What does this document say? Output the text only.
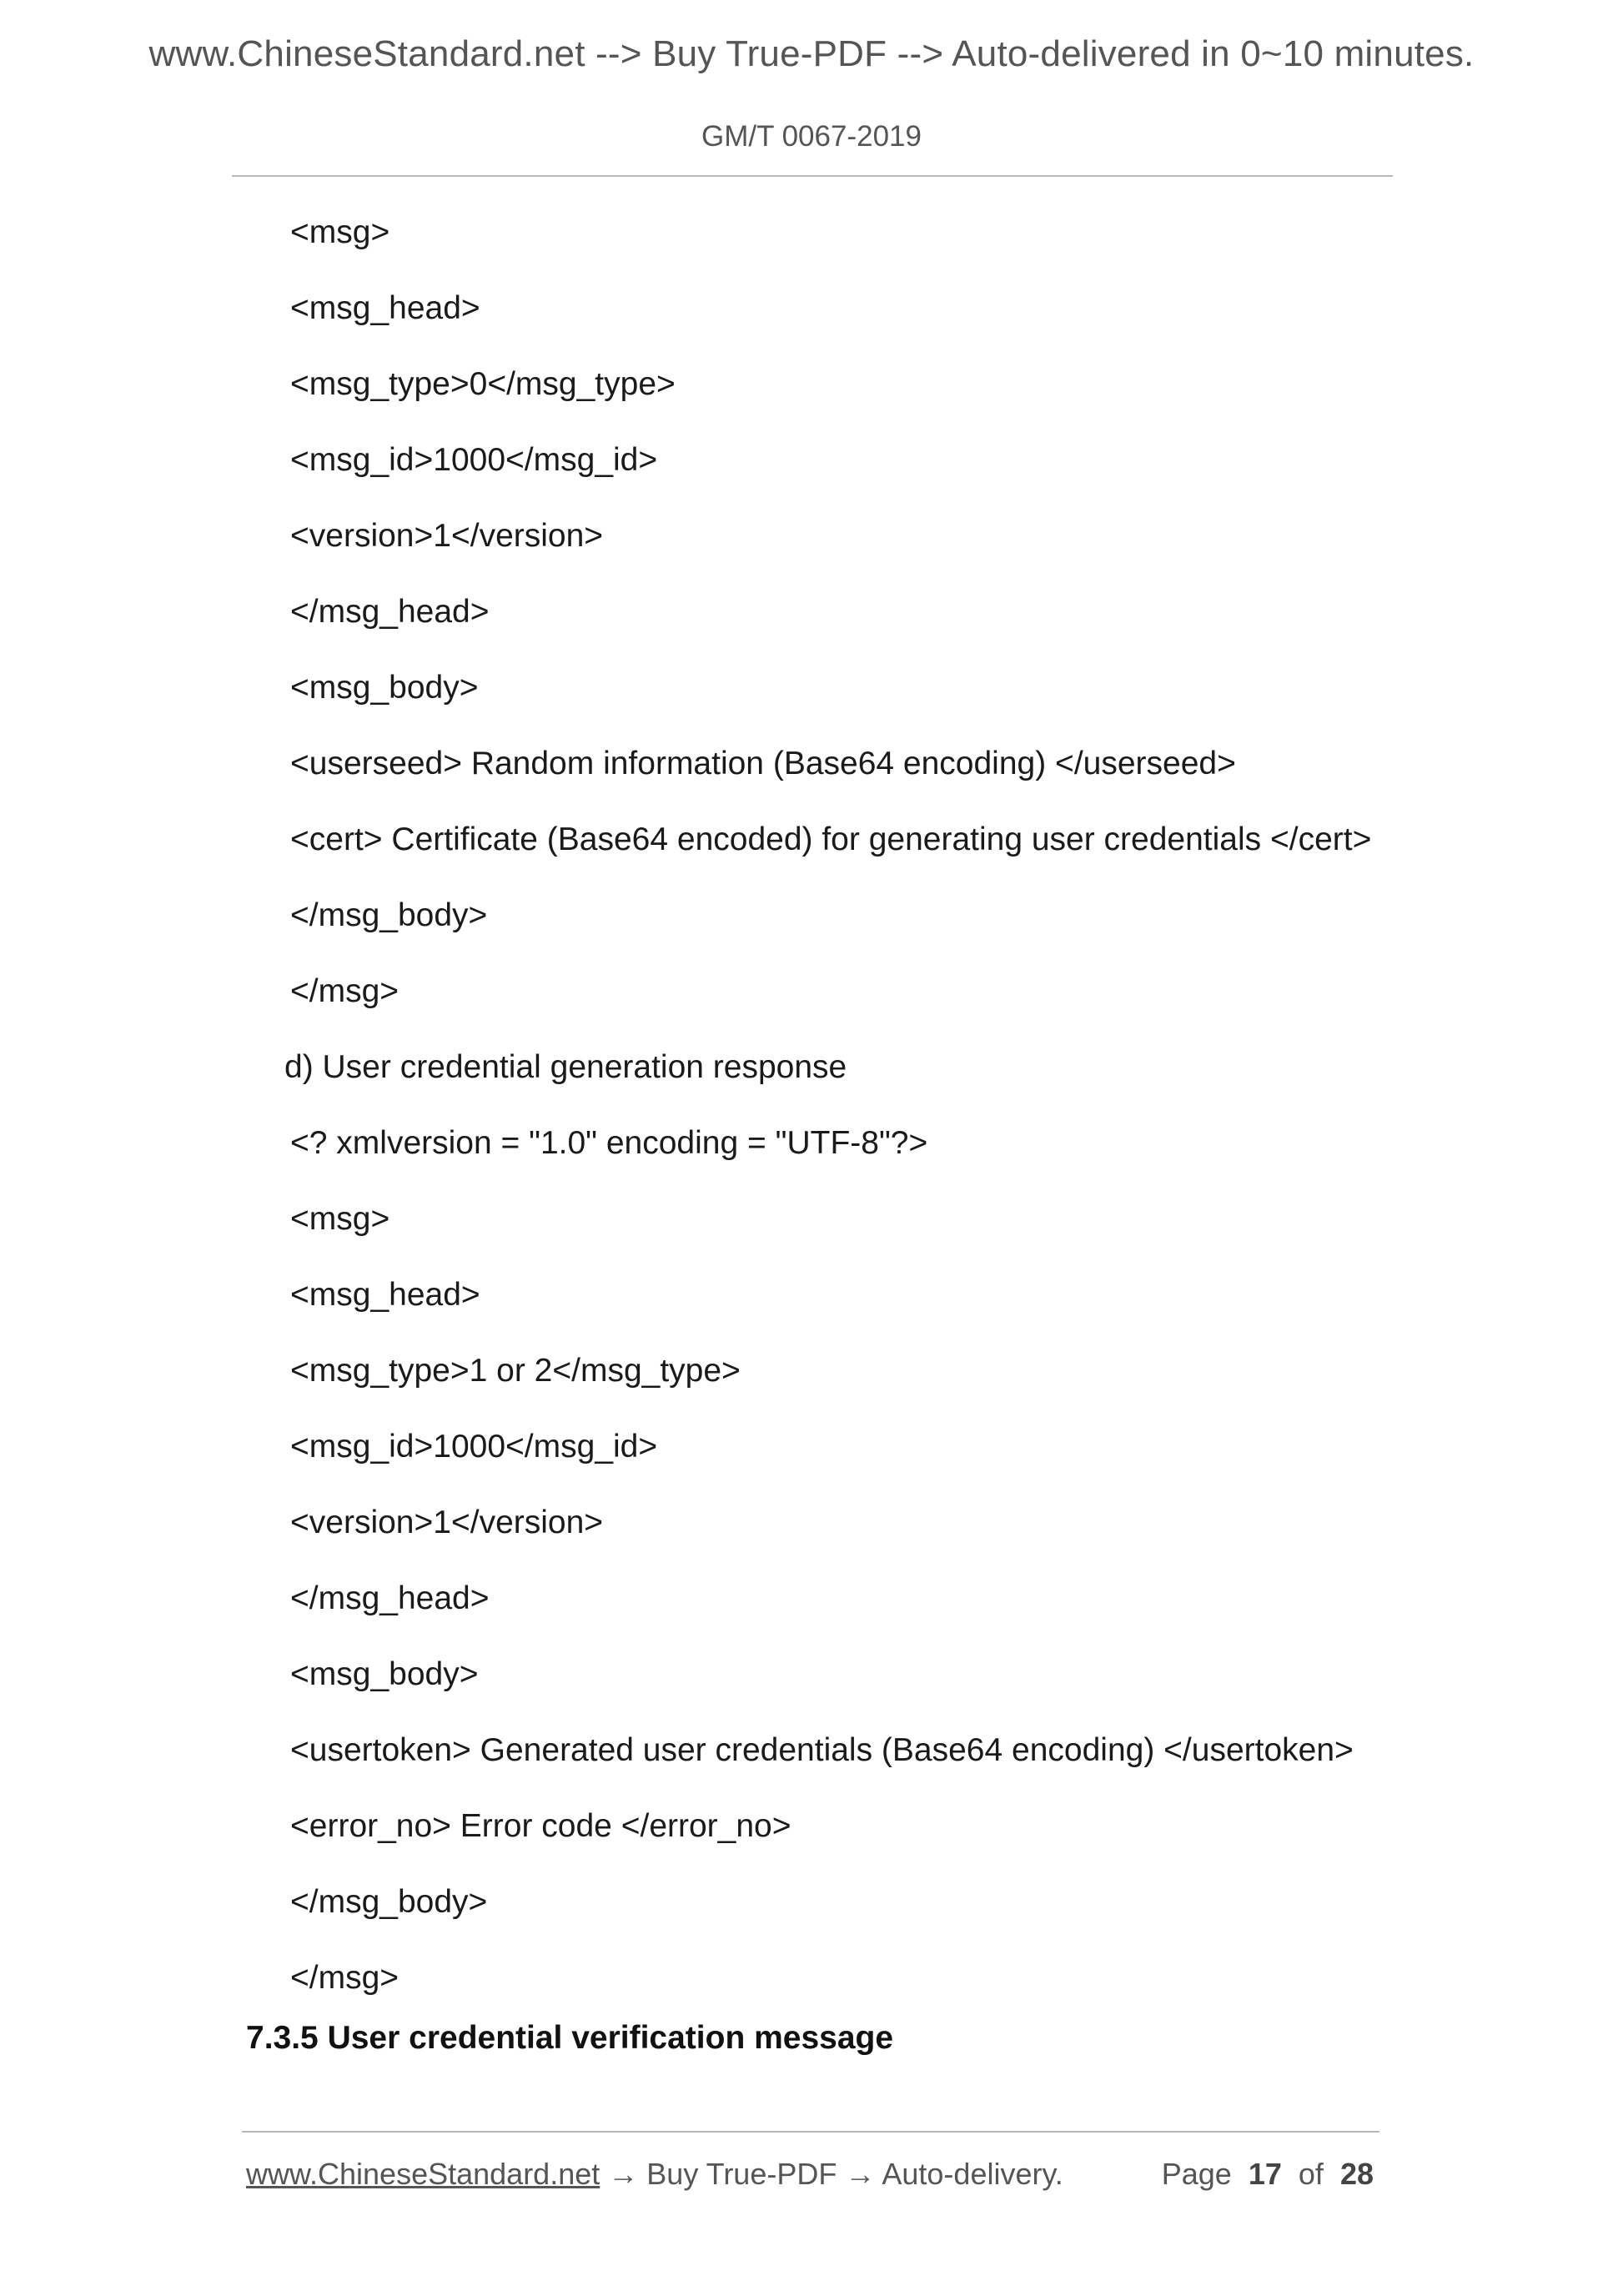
www.ChineseStandard.net --> Buy True-PDF --> Auto-delivered in 0~10 minutes.
GM/T 0067-2019
<msg>
<msg_head>
<msg_type>0</msg_type>
<msg_id>1000</msg_id>
<version>1</version>
</msg_head>
<msg_body>
<userseed> Random information (Base64 encoding) </userseed>
<cert> Certificate (Base64 encoded) for generating user credentials </cert>
</msg_body>
</msg>
d) User credential generation response
<? xmlversion = "1.0" encoding = "UTF-8"?>
<msg>
<msg_head>
<msg_type>1 or 2</msg_type>
<msg_id>1000</msg_id>
<version>1</version>
</msg_head>
<msg_body>
<usertoken> Generated user credentials (Base64 encoding) </usertoken>
<error_no> Error code </error_no>
</msg_body>
</msg>
7.3.5 User credential verification message
www.ChineseStandard.net → Buy True-PDF → Auto-delivery.	Page 17 of 28
